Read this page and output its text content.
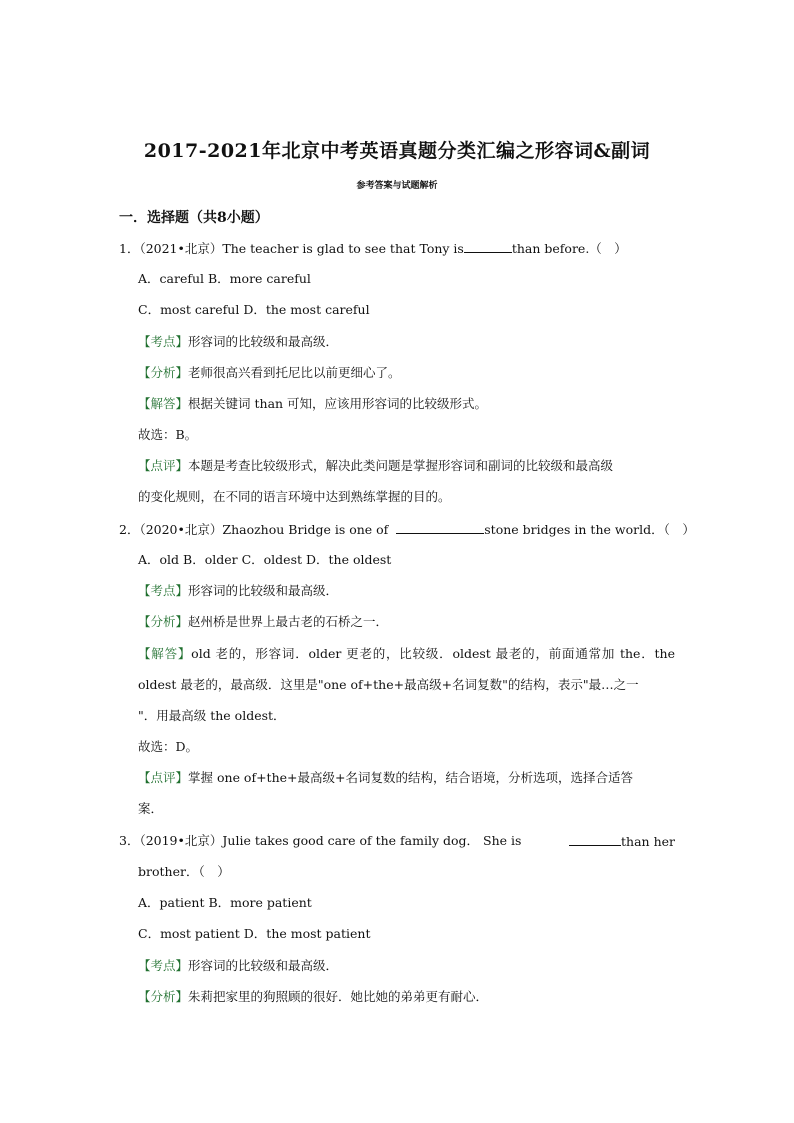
2017-2021年北京中考英语真题分类汇编之形容词&副词
参考答案与试题解析
一．选择题（共8小题）
1．（2021•北京）The teacher is glad to see that Tony is	than before.（　）
A．careful B．more careful
C．most careful D．the most careful
【考点】形容词的比较级和最高级．
【分析】老师很高兴看到托尼比以前更细心了。
【解答】根据关键词 than 可知，应该用形容词的比较级形式。
故选：B。
【点评】本题是考查比较级形式，解决此类问题是掌握形容词和副词的比较级和最高级
的变化规则，在不同的语言环境中达到熟练掌握的目的。
2．（2020•北京）Zhaozhou Bridge is one of	stone bridges in the world．（　）
A．old B．older C．oldest D．the oldest
【考点】形容词的比较级和最高级．
【分析】赵州桥是世界上最古老的石桥之一．
【解答】old 老的，形容词．older 更老的，比较级．oldest 最老的，前面通常加 the．the
oldest 最老的，最高级．这里是"one of+the+最高级+名词复数"的结构，表示"最…之一
"．用最高级 the oldest．
故选：D。
【点评】掌握 one of+the+最高级+名词复数的结构，结合语境，分析选项，选择合适答
案．
3．（2019•北京）Julie takes good care of the family dog． She is	than her
brother．（　）
A．patient B．more patient
C．most patient D．the most patient
【考点】形容词的比较级和最高级．
【分析】朱莉把家里的狗照顾的很好．她比她的弟弟更有耐心．
